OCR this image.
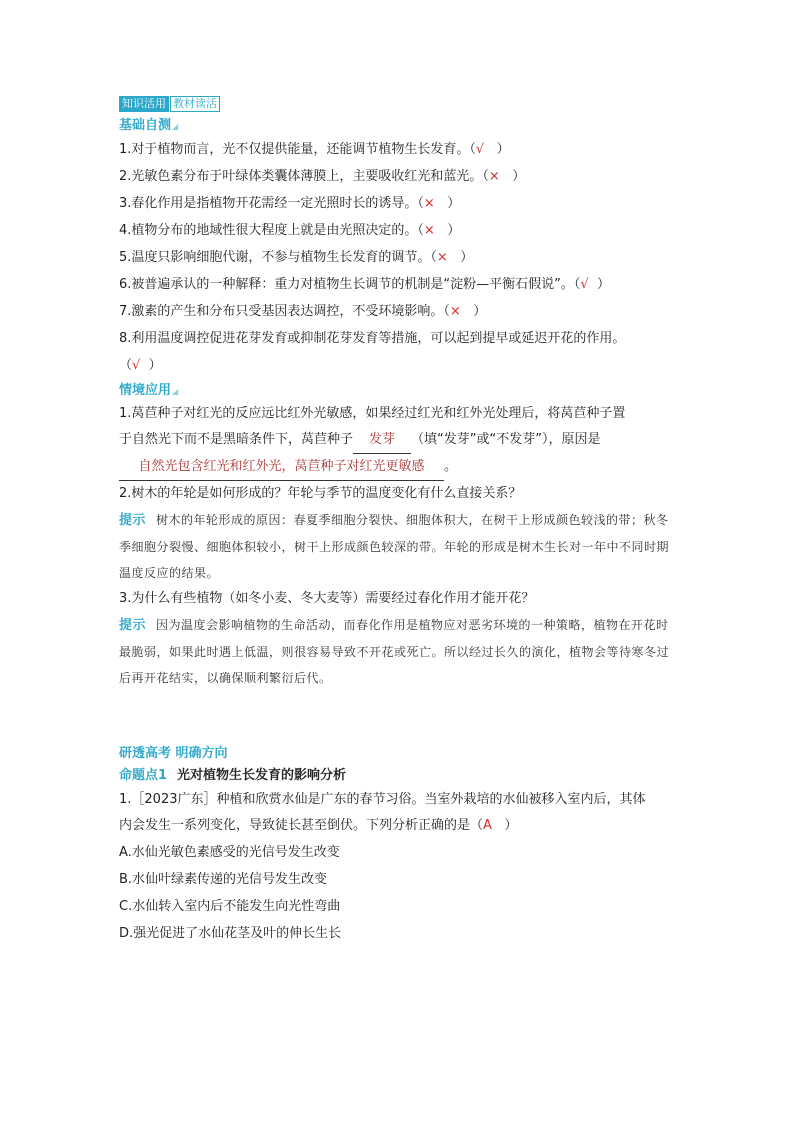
知识活用 教材读活
基础自测◢
1.对于植物而言，光不仅提供能量，还能调节植物生长发育。（√ ）
2.光敏色素分布于叶绿体类囊体薄膜上，主要吸收红光和蓝光。（× ）
3.春化作用是指植物开花需经一定光照时长的诱导。（× ）
4.植物分布的地域性很大程度上就是由光照决定的。（× ）
5.温度只影响细胞代谢，不参与植物生长发育的调节。（× ）
6.被普遍承认的一种解释：重力对植物生长调节的机制是“淀粉—平衡石假说”。（√ ）
7.激素的产生和分布只受基因表达调控，不受环境影响。（× ）
8.利用温度调控促进花芽发育或抑制花芽发育等措施，可以起到提早或延迟开花的作用。
（√ ）
情境应用◢
1.莴苣种子对红光的反应远比红外光敏感，如果经过红光和红外光处理后，将莴苣种子置
于自然光下而不是黑暗条件下，莴苣种子 发芽 （填“发芽”或“不发芽”），原因是
自然光包含红光和红外光，莴苣种子对红光更敏感 。
2.树木的年轮是如何形成的？年轮与季节的温度变化有什么直接关系？
提示 树木的年轮形成的原因：春夏季细胞分裂快、细胞体积大，在树干上形成颜色较浅的带；秋冬季细胞分裂慢、细胞体积较小，树干上形成颜色较深的带。年轮的形成是树木生长对一年中不同时期温度反应的结果。
3.为什么有些植物（如冬小麦、冬大麦等）需要经过春化作用才能开花？
提示 因为温度会影响植物的生命活动，而春化作用是植物应对恶劣环境的一种策略，植物在开花时最脆弱，如果此时遇上低温，则很容易导致不开花或死亡。所以经过长久的演化，植物会等待寒冬过后再开花结实，以确保顺利繁衍后代。
研透高考 明确方向
命题点1 光对植物生长发育的影响分析
1.［2023广东］种植和欣赏水仙是广东的春节习俗。当室外栽培的水仙被移入室内后，其体
内会发生一系列变化，导致徒长甚至倒伏。下列分析正确的是（A ）
A.水仙光敏色素感受的光信号发生改变
B.水仙叶绿素传递的光信号发生改变
C.水仙转入室内后不能发生向光性弯曲
D.强光促进了水仙花茎及叶的伸长生长
